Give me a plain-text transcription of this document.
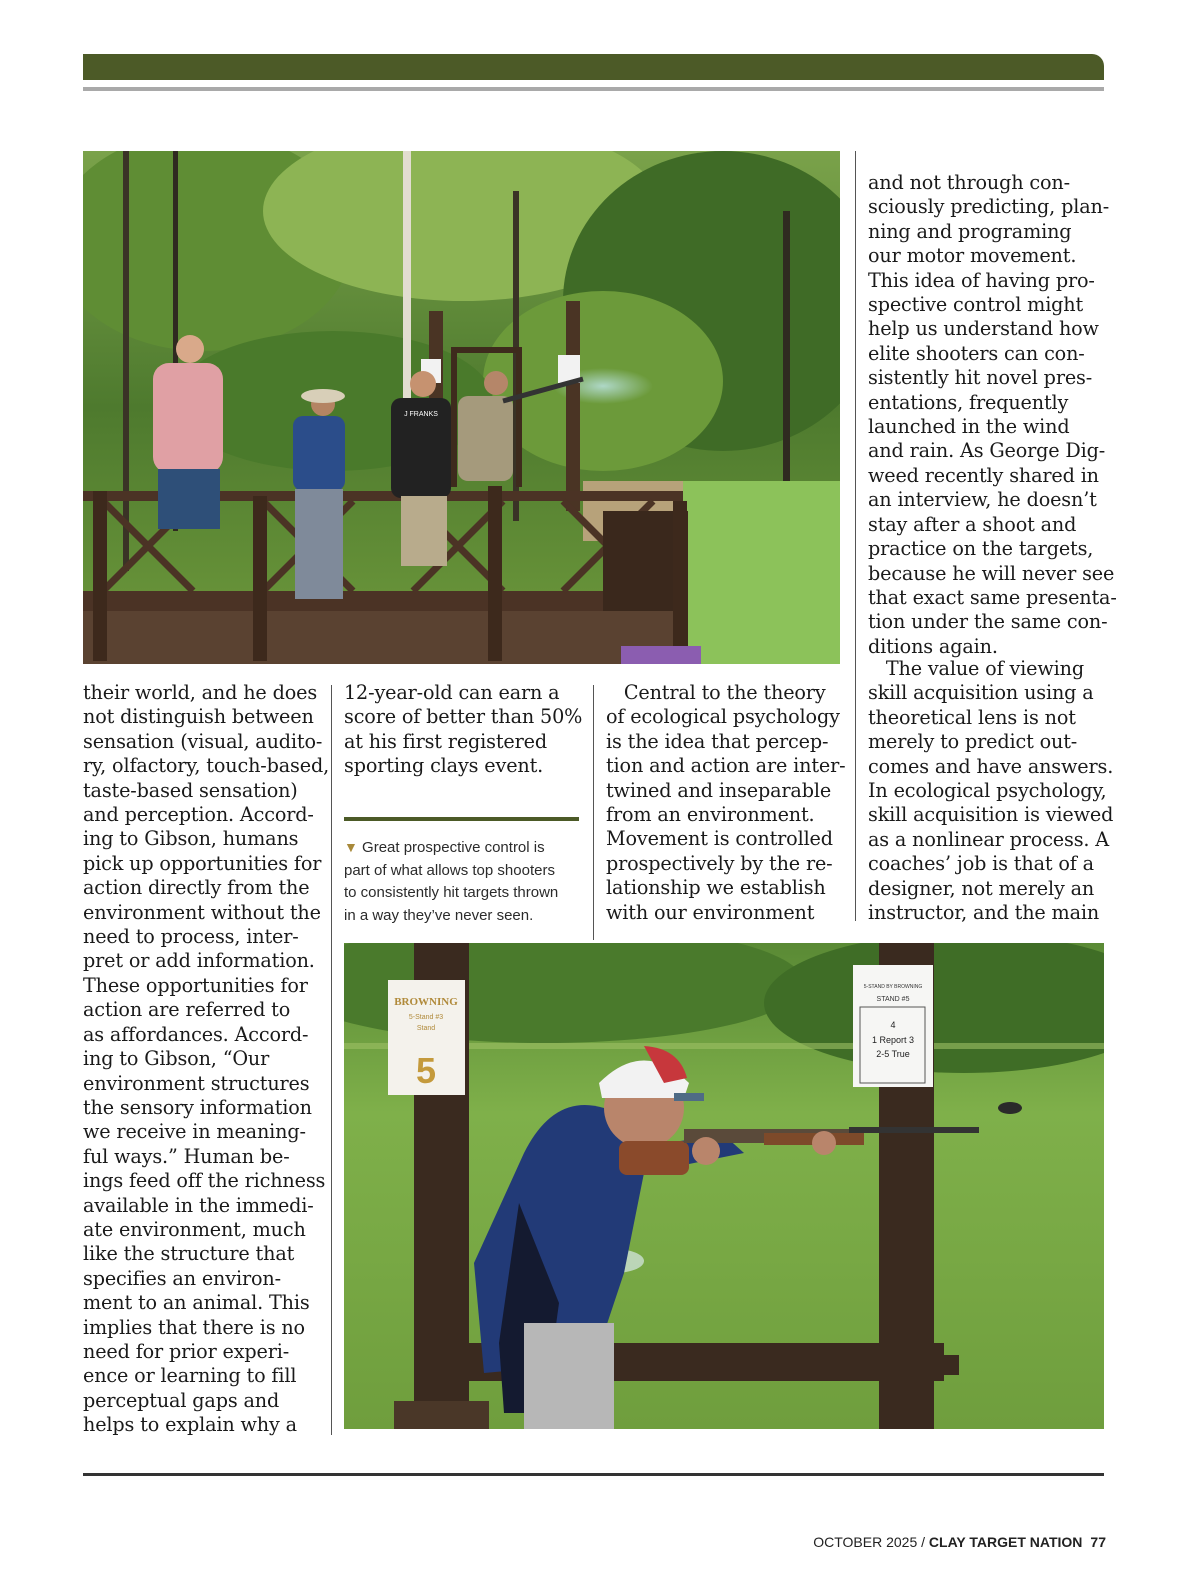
J FRANKS
their world, and he does
not distinguish between
sensation (visual, audito-
ry, olfactory, touch-based,
taste-based sensation)
and perception. Accord-
ing to Gibson, humans
pick up opportunities for
action directly from the
environment without the
need to process, inter-
pret or add information.
These opportunities for
action are referred to
as affordances. Accord-
ing to Gibson, “Our
environment structures
the sensory information
we receive in meaning-
ful ways.” Human be-
ings feed off the richness
available in the immedi-
ate environment, much
like the structure that
specifies an environ-
ment to an animal. This
implies that there is no
need for prior experi-
ence or learning to fill
perceptual gaps and
helps to explain why a
12-year-old can earn a
score of better than 50%
at his first registered
sporting clays event.
▼ Great prospective control is
part of what allows top shooters
to consistently hit targets thrown
in a way they’ve never seen.
Central to the theory
of ecological psychology
is the idea that percep-
tion and action are inter-
twined and inseparable
from an environment.
Movement is controlled
prospectively by the re-
lationship we establish
with our environment
and not through con-
sciously predicting, plan-
ning and programing
our motor movement.
This idea of having pro-
spective control might
help us understand how
elite shooters can con-
sistently hit novel pres-
entations, frequently
launched in the wind
and rain. As George Dig-
weed recently shared in
an interview, he doesn’t
stay after a shoot and
practice on the targets,
because he will never see
that exact same presenta-
tion under the same con-
ditions again.
The value of viewing
skill acquisition using a
theoretical lens is not
merely to predict out-
comes and have answers.
In ecological psychology,
skill acquisition is viewed
as a nonlinear process. A
coaches’ job is that of a
designer, not merely an
instructor, and the main
BROWNING
5-Stand #3
Stand
5
5-STAND BY BROWNING
STAND #5
4
1 Report 3
2-5 True
OCTOBER 2025 / CLAY TARGET NATION 77
